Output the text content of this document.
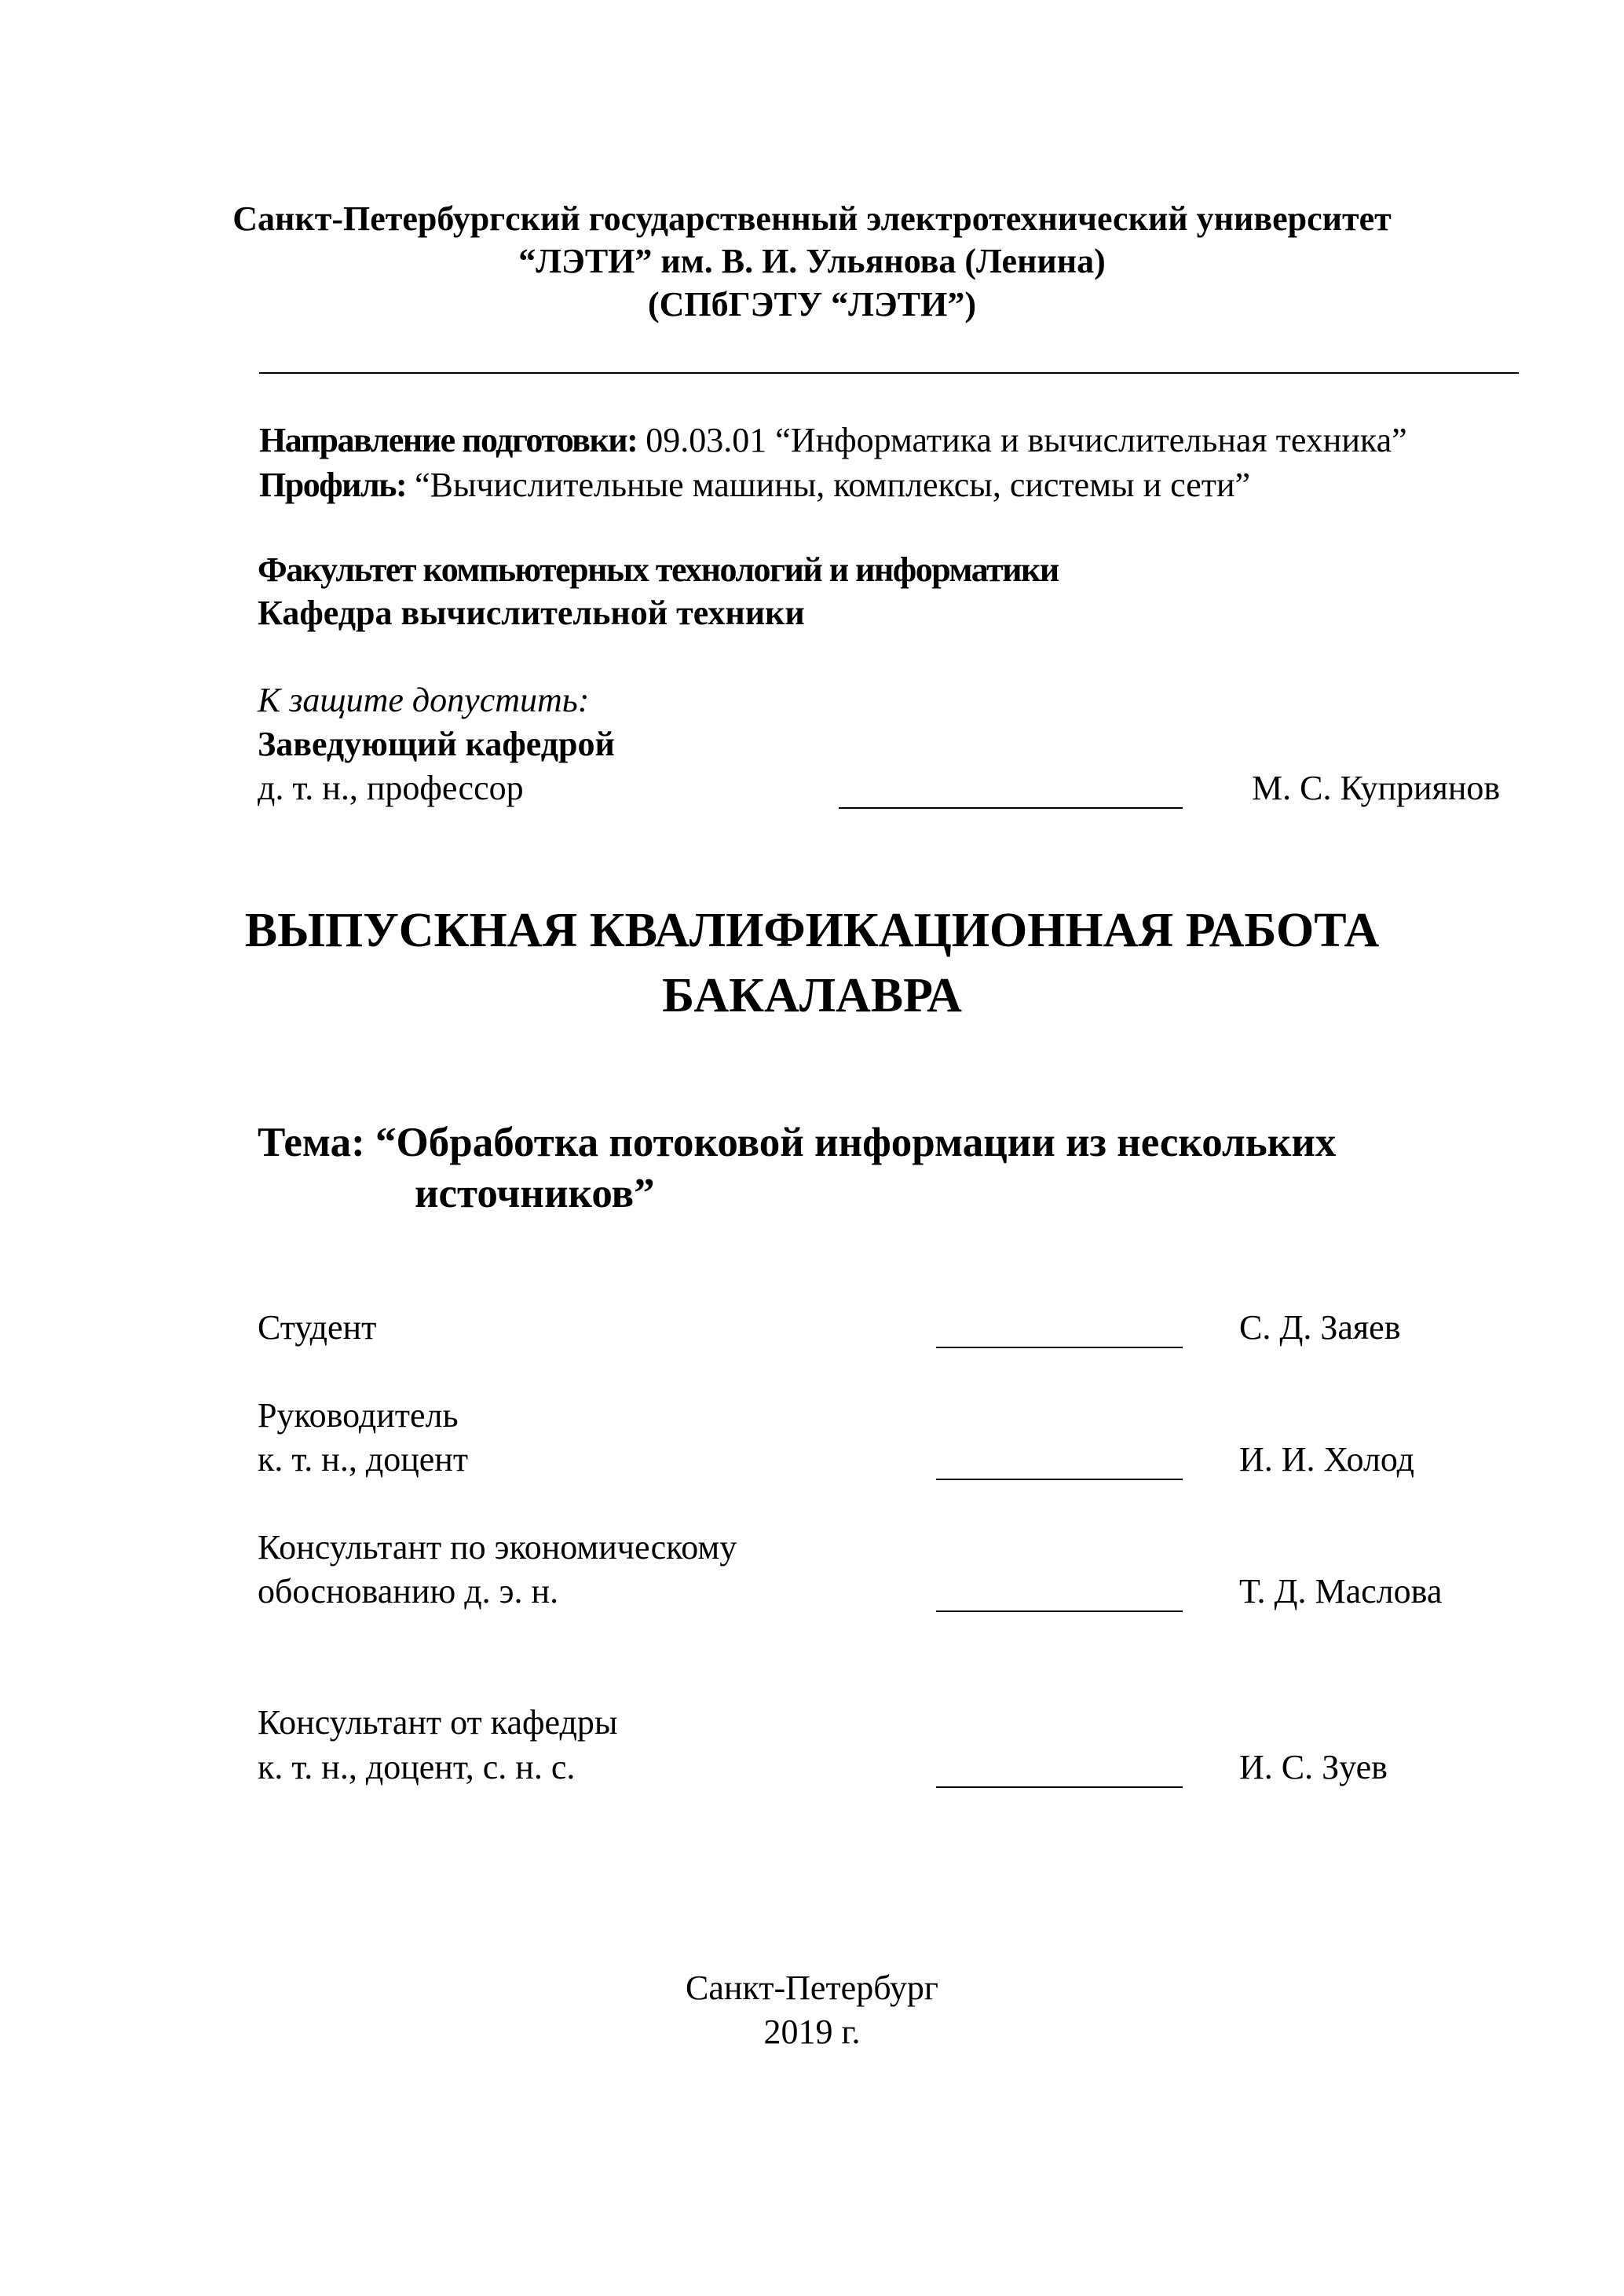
Санкт-Петербургский государственный электротехнический университет
“ЛЭТИ” им. В. И. Ульянова (Ленина)
(СПбГЭТУ “ЛЭТИ”)
Направление подготовки: 09.03.01 “Информатика и вычислительная техника”
Профиль: “Вычислительные машины, комплексы, системы и сети”
Факультет компьютерных технологий и информатики
Кафедра вычислительной техники
К защите допустить:
Заведующий кафедрой
д. т. н., профессор	М. С. Куприянов
ВЫПУСКНАЯ КВАЛИФИКАЦИОННАЯ РАБОТА
БАКАЛАВРА
Тема: “Обработка потоковой информации из нескольких
источников”
Студент	С. Д. Заяев
Руководитель
к. т. н., доцент	И. И. Холод
Консультант по экономическому
обоснованию д. э. н.	Т. Д. Маслова
Консультант от кафедры
к. т. н., доцент, с. н. с.	И. С. Зуев
Санкт-Петербург
2019 г.
